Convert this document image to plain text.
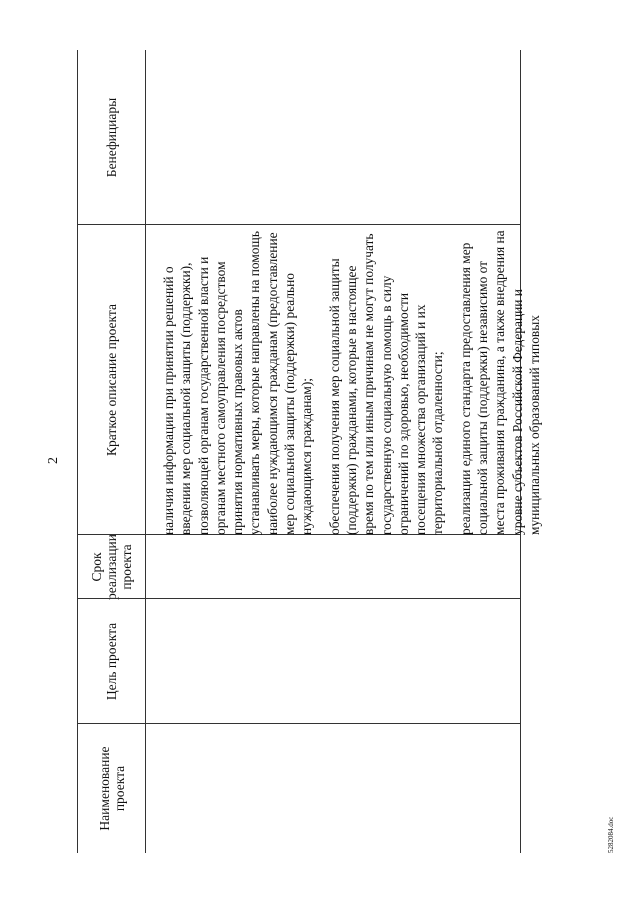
2
Наименование проекта
Цель проекта
Срок реализации проекта
Краткое описание проекта
Бенефициары

наличия информации при принятии решений о введении мер социальной защиты (поддержки), позволяющей органам государственной власти и органам местного самоуправления посредством принятия нормативных правовых актов устанавливать меры, которые направлены на помощь наиболее нуждающимся гражданам (предоставление мер социальной защиты (поддержки) реально нуждающимся гражданам); обеспечения получения мер социальной защиты (поддержки) гражданами, которые в настоящее время по тем или иным причинам не могут получать государственную социальную помощь в силу ограничений по здоровью, необходимости посещения множества организаций и их территориальной отдаленности; реализации единого стандарта предоставления мер социальной защиты (поддержки) независимо от места проживания гражданина, а также внедрения на уровне субъектов Российской Федерации и муниципальных образований типовых

5282084.doc
